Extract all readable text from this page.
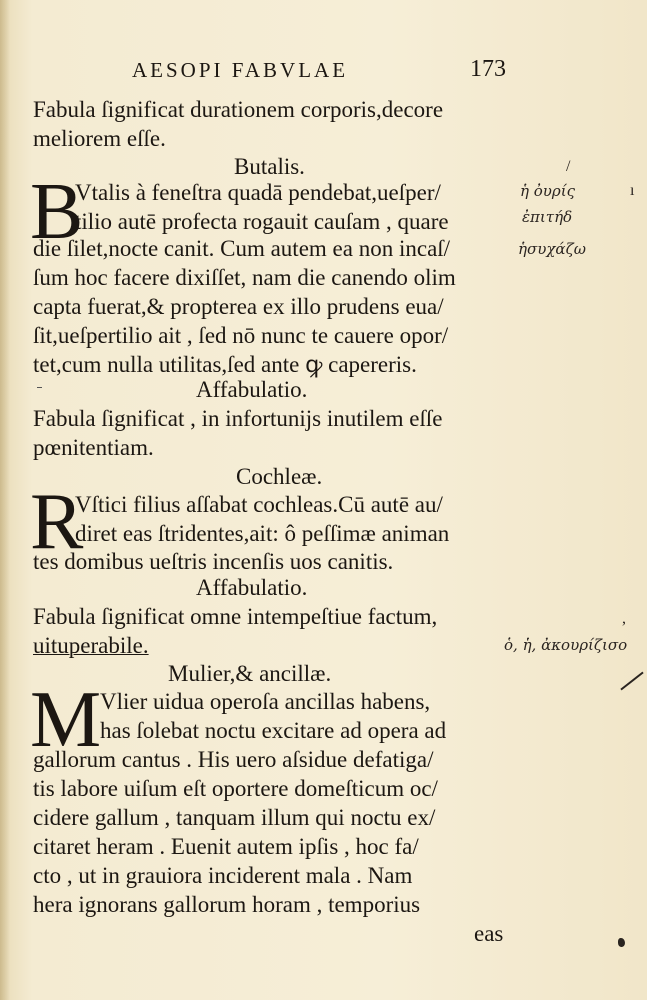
AESOPI FABVLAE	173
Fabula ſignificat durationem corporis,decore
meliorem eſſe.
Butalis.
B
Vtalis à feneſtra quadā pendebat,ueſper/
tilio autē profecta rogauit cauſam , quare
die ſilet,nocte canit. Cum autem ea non incaſ/
ſum hoc facere dixiſſet, nam die canendo olim
capta fuerat,& propterea ex illo prudens eua/
ſit,ueſpertilio ait , ſed nō nunc te cauere opor/
tet,cum nulla utilitas,ſed ante ꝙ capereris.
Affabulatio.
Fabula ſignificat , in infortunijs inutilem eſſe
pœnitentiam.
Cochleæ.
R
Vſtici filius aſſabat cochleas.Cū autē au/
diret eas ſtridentes,ait: ô peſſimæ animan
tes domibus ueſtris incenſis uos canitis.
Affabulatio.
Fabula ſignificat omne intempeſtiue factum,
uituperabile.
Mulier,& ancillæ.
M
Vlier uidua operoſa ancillas habens,
has ſolebat noctu excitare ad opera ad
gallorum cantus . His uero aſsidue defatiga/
tis labore uiſum eſt oportere domeſticum oc/
cidere gallum , tanquam illum qui noctu ex/
citaret heram . Euenit autem ipſis , hoc fa/
cto , ut in grauiora inciderent mala . Nam
hera ignorans gallorum horam , temporius
eas
/
ἡ ὀυρίς	ı
ἐπιτήδ
ἡσυχάζω
,
ὁ, ἡ, ἀκουρίζισο
